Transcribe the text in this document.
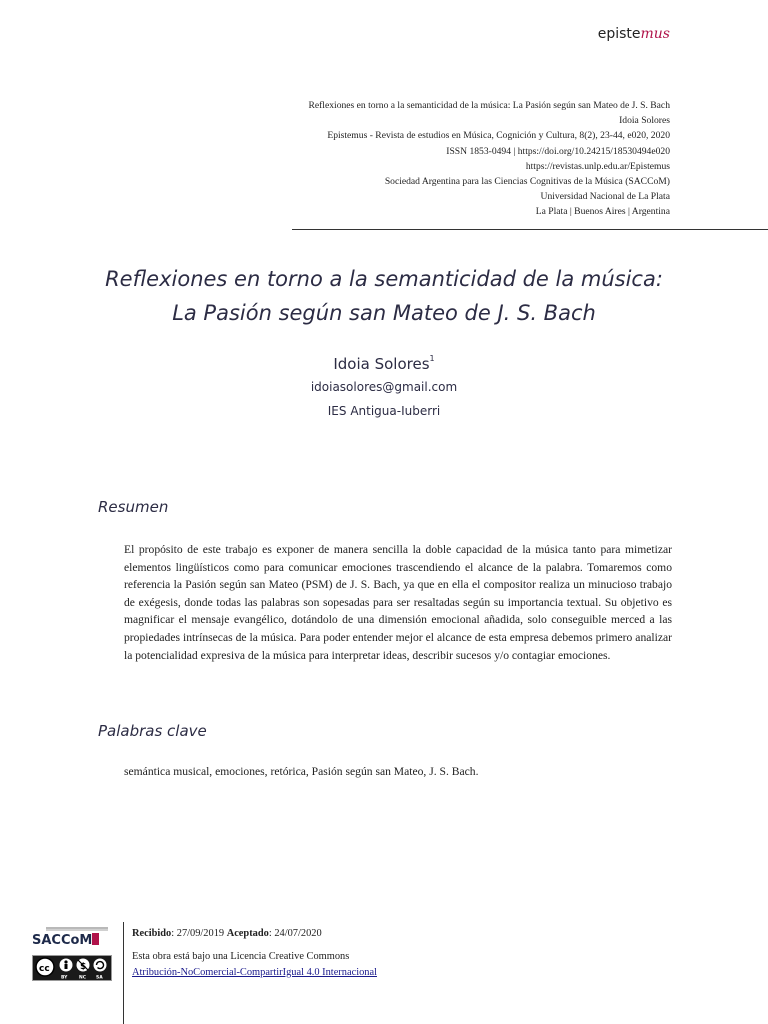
epistemus
Reflexiones en torno a la semanticidad de la música: La Pasión según san Mateo de J. S. Bach
Idoia Solores
Epistemus - Revista de estudios en Música, Cognición y Cultura, 8(2), 23-44, e020, 2020
ISSN 1853-0494 | https://doi.org/10.24215/18530494e020
https://revistas.unlp.edu.ar/Epistemus
Sociedad Argentina para las Ciencias Cognitivas de la Música (SACCoM)
Universidad Nacional de La Plata
La Plata | Buenos Aires | Argentina
Reflexiones en torno a la semanticidad de la música:
La Pasión según san Mateo de J. S. Bach
Idoia Solores$^1$
idoiasolores@gmail.com
IES Antigua-Iuberri
Resumen
El propósito de este trabajo es exponer de manera sencilla la doble capacidad de la música tanto para mimetizar elementos lingüísticos como para comunicar emociones trascendiendo el alcance de la palabra. Tomaremos como referencia la Pasión según san Mateo (PSM) de J. S. Bach, ya que en ella el compositor realiza un minucioso trabajo de exégesis, donde todas las palabras son sopesadas para ser resaltadas según su importancia textual. Su objetivo es magnificar el mensaje evangélico, dotándolo de una dimensión emocional añadida, solo conseguible merced a las propiedades intrínsecas de la música. Para poder entender mejor el alcance de esta empresa debemos primero analizar la potencialidad expresiva de la música para interpretar ideas, describir sucesos y/o contagiar emociones.
Palabras clave
semántica musical, emociones, retórica, Pasión según san Mateo, J. S. Bach.
SACCoM
cc	$
BY	NC SA
Recibido: 27/09/2019 Aceptado: 24/07/2020
Esta obra está bajo una Licencia Creative Commons
Atribución-NoComercial-CompartirIgual 4.0 Internacional
